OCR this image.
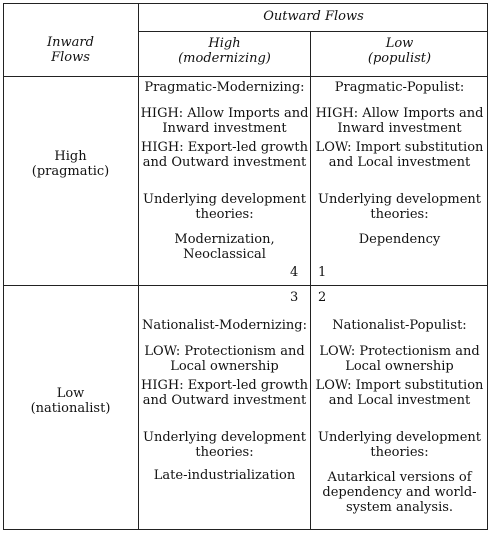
Outward Flows

Inward

Flows

High

(modernizing)

Low

(populist)

High

(pragmatic)

Low

(nationalist)

Pragmatic-Modernizing:

HIGH: Allow Imports and

Inward investment

HIGH: Export-led growth

and Outward investment

Underlying development

theories:

Modernization,

Neoclassical

4

Pragmatic-Populist:

HIGH: Allow Imports and

Inward investment

LOW: Import substitution

and Local investment

Underlying development

theories:

Dependency

1
3

Nationalist-Modernizing:

LOW: Protectionism and

Local ownership

HIGH: Export-led growth

and Outward investment

Underlying development

theories:

Late-industrialization

2

Nationalist-Populist:

LOW: Protectionism and

Local ownership

LOW: Import substitution

and Local investment

Underlying development

theories:

Autarkical versions of

dependency and world-

system analysis.
